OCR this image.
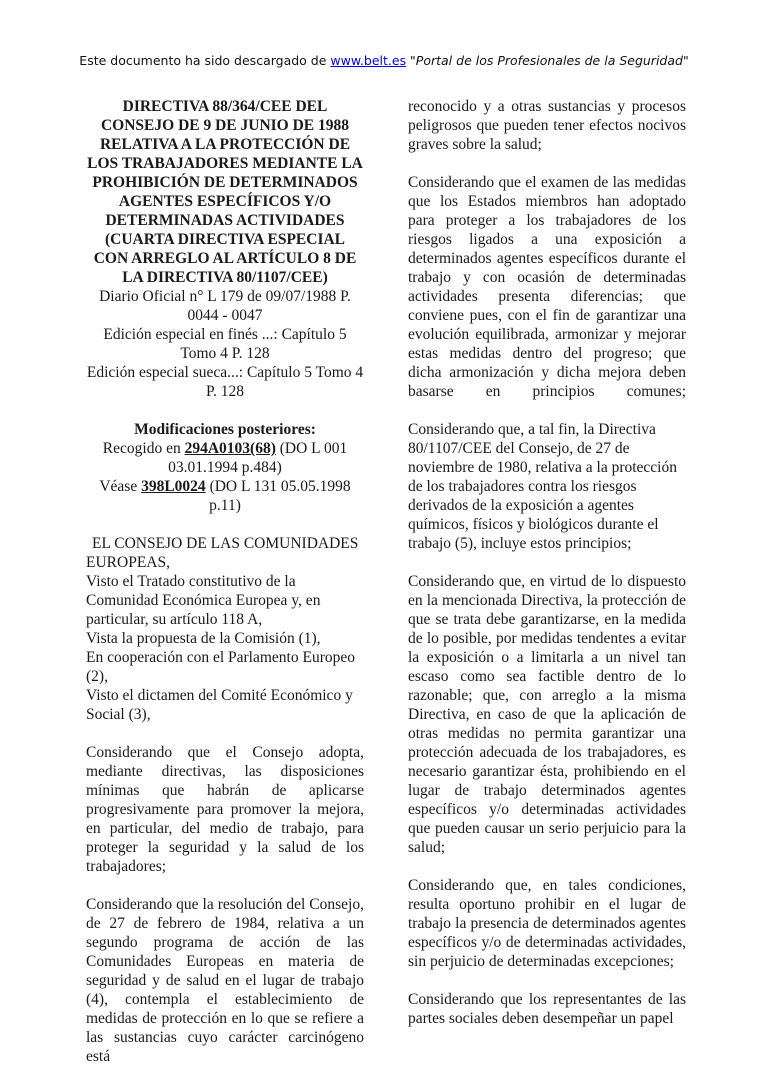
Este documento ha sido descargado de www.belt.es "Portal de los Profesionales de la Seguridad"
DIRECTIVA 88/364/CEE DEL
CONSEJO DE 9 DE JUNIO DE 1988
RELATIVA A LA PROTECCIÓN DE
LOS TRABAJADORES MEDIANTE LA
PROHIBICIÓN DE DETERMINADOS
AGENTES ESPECÍFICOS Y/O
DETERMINADAS ACTIVIDADES
(CUARTA DIRECTIVA ESPECIAL
CON ARREGLO AL ARTÍCULO 8 DE
LA DIRECTIVA 80/1107/CEE)
Diario Oficial n° L 179 de 09/07/1988 P. 0044 - 0047
Edición especial en finés ...: Capítulo 5 Tomo 4 P. 128
Edición especial sueca...: Capítulo 5 Tomo 4 P. 128
Modificaciones posteriores:
Recogido en 294A0103(68) (DO L 001 03.01.1994 p.484)
Véase 398L0024 (DO L 131 05.05.1998 p.11)
EL CONSEJO DE LAS COMUNIDADES EUROPEAS,
Visto el Tratado constitutivo de la Comunidad Económica Europea y, en particular, su artículo 118 A,
Vista la propuesta de la Comisión (1),
En cooperación con el Parlamento Europeo (2),
Visto el dictamen del Comité Económico y Social (3),
Considerando que el Consejo adopta, mediante directivas, las disposiciones mínimas que habrán de aplicarse progresivamente para promover la mejora, en particular, del medio de trabajo, para proteger la seguridad y la salud de los trabajadores;
Considerando que la resolución del Consejo, de 27 de febrero de 1984, relativa a un segundo programa de acción de las Comunidades Europeas en materia de seguridad y de salud en el lugar de trabajo (4), contempla el establecimiento de medidas de protección en lo que se refiere a las sustancias cuyo carácter carcinógeno está
reconocido y a otras sustancias y procesos peligrosos que pueden tener efectos nocivos graves sobre la salud;
Considerando que el examen de las medidas que los Estados miembros han adoptado para proteger a los trabajadores de los riesgos ligados a una exposición a determinados agentes específicos durante el trabajo y con ocasión de determinadas actividades presenta diferencias; que conviene pues, con el fin de garantizar una evolución equilibrada, armonizar y mejorar estas medidas dentro del progreso; que dicha armonización y dicha mejora deben basarse en principios comunes;
Considerando que, a tal fin, la Directiva 80/1107/CEE del Consejo, de 27 de noviembre de 1980, relativa a la protección de los trabajadores contra los riesgos derivados de la exposición a agentes químicos, físicos y biológicos durante el trabajo (5), incluye estos principios;
Considerando que, en virtud de lo dispuesto en la mencionada Directiva, la protección de que se trata debe garantizarse, en la medida de lo posible, por medidas tendentes a evitar la exposición o a limitarla a un nivel tan escaso como sea factible dentro de lo razonable; que, con arreglo a la misma Directiva, en caso de que la aplicación de otras medidas no permita garantizar una protección adecuada de los trabajadores, es necesario garantizar ésta, prohibiendo en el lugar de trabajo determinados agentes específicos y/o determinadas actividades que pueden causar un serio perjuicio para la salud;
Considerando que, en tales condiciones, resulta oportuno prohibir en el lugar de trabajo la presencia de determinados agentes específicos y/o de determinadas actividades, sin perjuicio de determinadas excepciones;
Considerando que los representantes de las partes sociales deben desempeñar un papel
